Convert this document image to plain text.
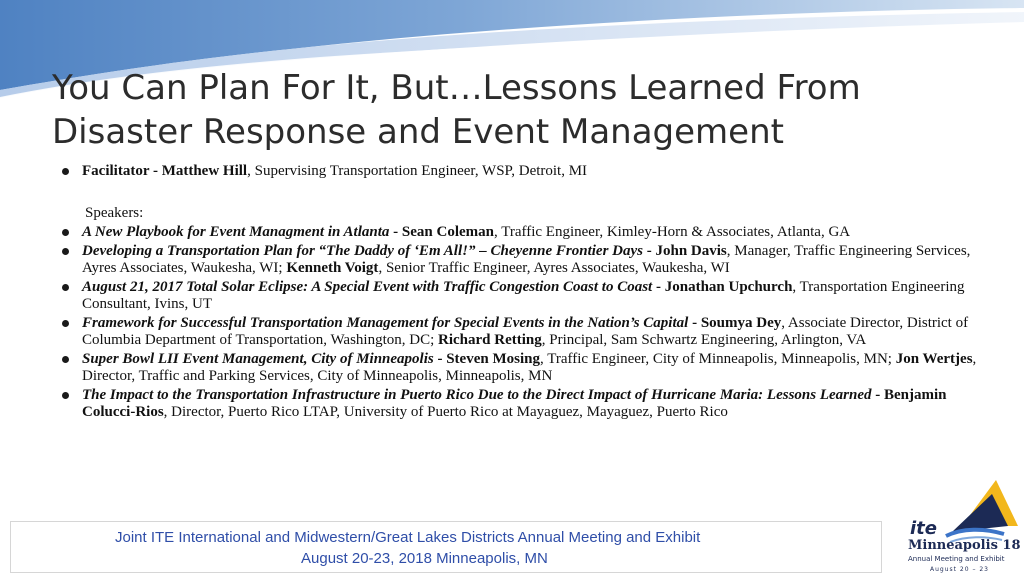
You Can Plan For It, But…Lessons Learned From Disaster Response and Event Management
Facilitator - Matthew Hill, Supervising Transportation Engineer, WSP, Detroit, MI
Speakers:
A New Playbook for Event Managment in Atlanta - Sean Coleman, Traffic Engineer, Kimley-Horn & Associates, Atlanta, GA
Developing a Transportation Plan for “The Daddy of ‘Em All!” – Cheyenne Frontier Days - John Davis, Manager, Traffic Engineering Services, Ayres Associates, Waukesha, WI; Kenneth Voigt, Senior Traffic Engineer, Ayres Associates, Waukesha, WI
August 21, 2017 Total Solar Eclipse: A Special Event with Traffic Congestion Coast to Coast - Jonathan Upchurch, Transportation Engineering Consultant, Ivins, UT
Framework for Successful Transportation Management for Special Events in the Nation’s Capital - Soumya Dey, Associate Director, District of Columbia Department of Transportation, Washington, DC; Richard Retting, Principal, Sam Schwartz Engineering, Arlington, VA
Super Bowl LII Event Management, City of Minneapolis - Steven Mosing, Traffic Engineer, City of Minneapolis, Minneapolis, MN; Jon Wertjes, Director, Traffic and Parking Services, City of Minneapolis, Minneapolis, MN
The Impact to the Transportation Infrastructure in Puerto Rico Due to the Direct Impact of Hurricane Maria: Lessons Learned - Benjamin Colucci-Rios, Director, Puerto Rico LTAP, University of Puerto Rico at Mayaguez, Mayaguez, Puerto Rico
Joint ITE International and Midwestern/Great Lakes Districts Annual Meeting and Exhibit
August 20-23, 2018 Minneapolis, MN
ite
Minneapolis 18
Annual Meeting and Exhibit
August 20 – 23
